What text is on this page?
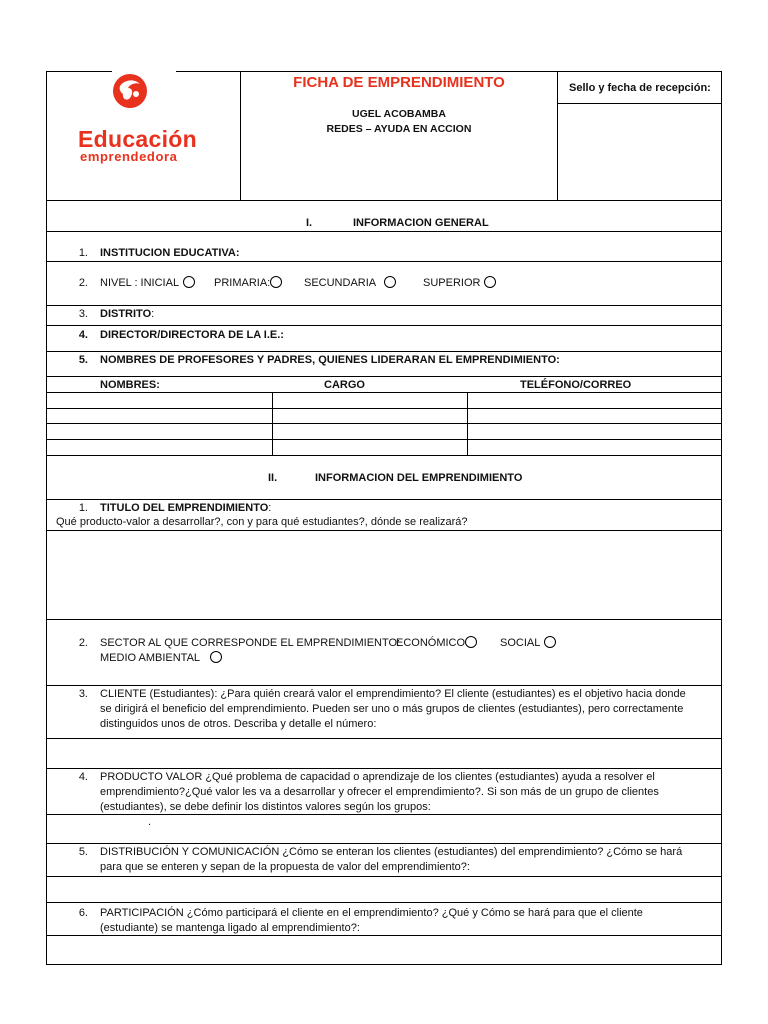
Educación
emprendedora
FICHA DE EMPRENDIMIENTO
UGEL ACOBAMBA
REDES – AYUDA EN ACCION
Sello y fecha de recepción:
I.	INFORMACION GENERAL
1. INSTITUCION EDUCATIVA:
2. NIVEL : INICIAL	PRIMARIA:	SECUNDARIA	SUPERIOR
3. DISTRITO:
4. DIRECTOR/DIRECTORA DE LA I.E.:
5. NOMBRES DE PROFESORES Y PADRES, QUIENES LIDERARAN EL EMPRENDIMIENTO:
NOMBRES:	CARGO	TELÉFONO/CORREO
II.	INFORMACION DEL EMPRENDIMIENTO
1. TITULO DEL EMPRENDIMIENTO:
Qué producto-valor a desarrollar?, con y para qué estudiantes?, dónde se realizará?
2. SECTOR AL QUE CORRESPONDE EL EMPRENDIMIENTO:
ECONÓMICO	SOCIAL
MEDIO AMBIENTAL
3. CLIENTE (Estudiantes): ¿Para quién creará valor el emprendimiento? El cliente (estudiantes) es el objetivo hacia donde se dirigirá el beneficio del emprendimiento. Pueden ser uno o más grupos de clientes (estudiantes), pero correctamente distinguidos unos de otros. Describa y detalle el número:
4. PRODUCTO VALOR ¿Qué problema de capacidad o aprendizaje de los clientes (estudiantes) ayuda a resolver el emprendimiento?¿Qué valor les va a desarrollar y ofrecer el emprendimiento?. Si son más de un grupo de clientes (estudiantes), se debe definir los distintos valores según los grupos:
.
5. DISTRIBUCIÓN Y COMUNICACIÓN ¿Cómo se enteran los clientes (estudiantes) del emprendimiento? ¿Cómo se hará para que se enteren y sepan de la propuesta de valor del emprendimiento?:
6. PARTICIPACIÓN ¿Cómo participará el cliente en el emprendimiento? ¿Qué y Cómo se hará para que el cliente (estudiante) se mantenga ligado al emprendimiento?:
